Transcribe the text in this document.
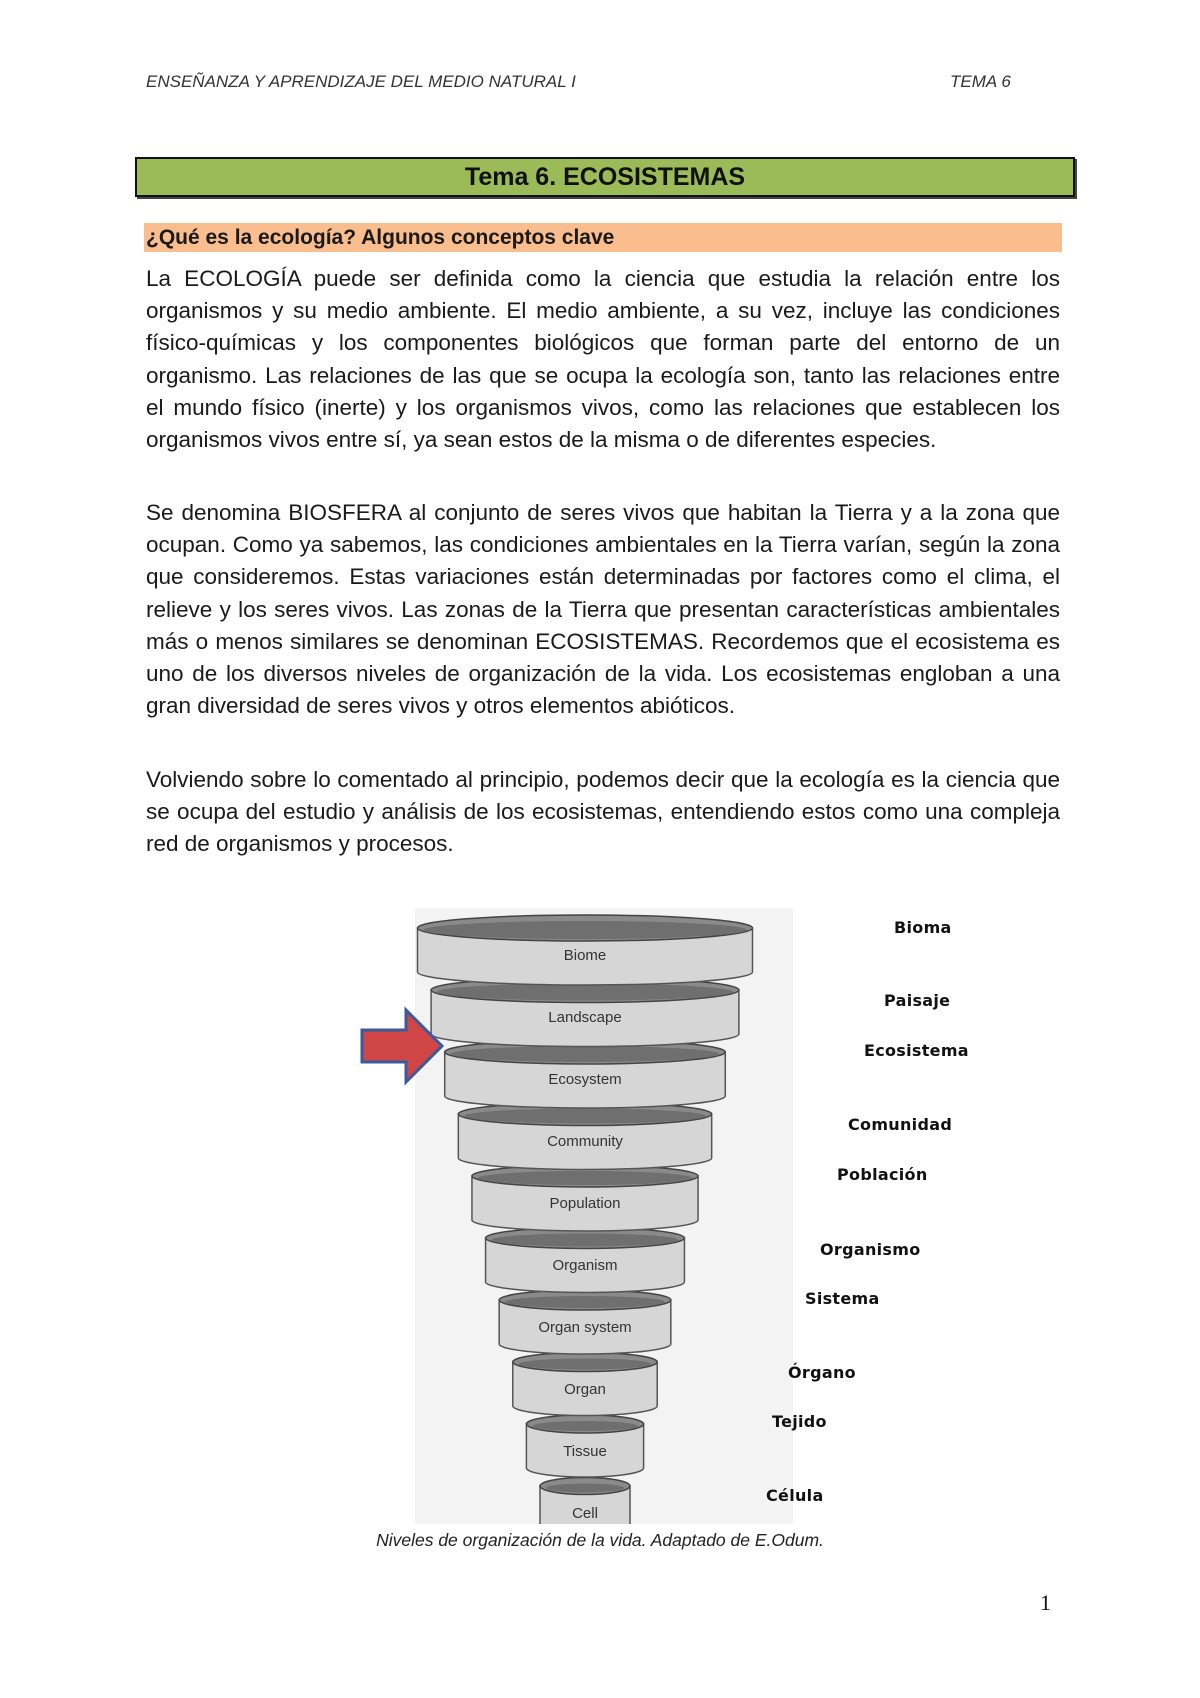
ENSEÑANZA Y APRENDIZAJE DEL MEDIO NATURAL I	TEMA 6
Tema 6. ECOSISTEMAS
¿Qué es la ecología? Algunos conceptos clave

La ECOLOGÍA puede ser definida como la ciencia que estudia la relación entre los organismos y su medio ambiente. El medio ambiente, a su vez, incluye las condiciones físico-químicas y los componentes biológicos que forman parte del entorno de un organismo. Las relaciones de las que se ocupa la ecología son, tanto las relaciones entre el mundo físico (inerte) y los organismos vivos, como las relaciones que establecen los organismos vivos entre sí, ya sean estos de la misma o de diferentes especies.

Se denomina BIOSFERA al conjunto de seres vivos que habitan la Tierra y a la zona que ocupan. Como ya sabemos, las condiciones ambientales en la Tierra varían, según la zona que consideremos. Estas variaciones están determinadas por factores como el clima, el relieve y los seres vivos. Las zonas de la Tierra que presentan características ambientales más o menos similares se denominan ECOSISTEMAS. Recordemos que el ecosistema es uno de los diversos niveles de organización de la vida. Los ecosistemas engloban a una gran diversidad de seres vivos y otros elementos abióticos.

Volviendo sobre lo comentado al principio, podemos decir que la ecología es la ciencia que se ocupa del estudio y análisis de los ecosistemas, entendiendo estos como una compleja red de organismos y procesos.

Cell
Tissue
Organ
Organ system
Organism
Population
Community
Ecosystem
Landscape
Biome
Bioma
Paisaje
Ecosistema
Comunidad
Población
Organismo
Sistema
Órgano
Tejido
Célula
Niveles de organización de la vida. Adaptado de E.Odum.
1
